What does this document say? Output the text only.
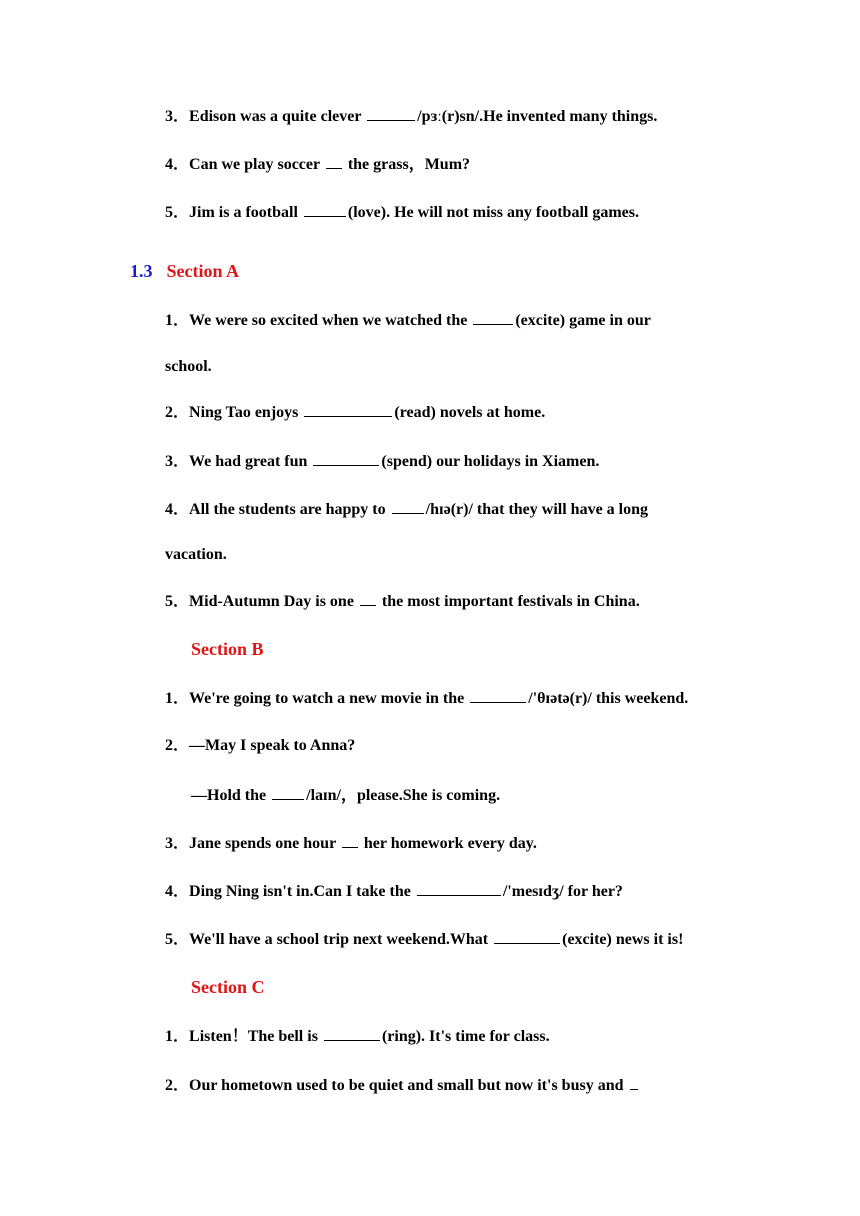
3．Edison was a quite clever	/pɜː(r)sn/.He invented many things.
4．Can we play soccer  the grass，Mum?
5．Jim is a football	(love). He will not miss any football games.
1.3 Section A
1．We were so excited when we watched the	(excite) game in our
school.
2．Ning Tao enjoys	(read) novels at home.
3．We had great fun	(spend) our holidays in Xiamen.
4．All the students are happy to /hɪə(r)/ that they will have a long
vacation.
5．Mid-Autumn Day is one  the most important festivals in China.
Section B
1．We're going to watch a new movie in the	/'θɪətə(r)/ this weekend.
2．—May I speak to Anna?
—Hold the /laɪn/，please.She is coming.
3．Jane spends one hour  her homework every day.
4．Ding Ning isn't in.Can I take the	/'mesɪdʒ/ for her?
5．We'll have a school trip next weekend.What	(excite) news it is!
Section C
1．Listen！The bell is	(ring). It's time for class.
2．Our hometown used to be quiet and small but now it's busy and
